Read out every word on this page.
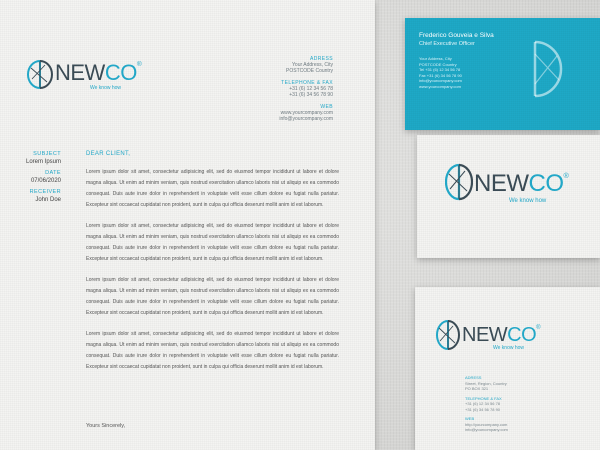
NEWCO®
We know how
ADRESS
Your Address, City
POSTCODE Country
TELEPHONE & FAX
+31 (6) 12 34 56 78
+31 (6) 34 56 78 90
WEB
www.yourcompany.com
info@yourcompany.com
SUBJECT
Lorem Ipsum
DATE
07/06/2020
RECEIVER
John Doe
DEAR CLIENT,

Lorem ipsum dolor sit amet, consectetur adipisicing elit, sed do eiusmod tempor incididunt ut labore et dolore magna aliqua. Ut enim ad minim veniam, quis nostrud exercitation ullamco laboris nisi ut aliquip ex ea commodo consequat. Duis aute irure dolor in reprehenderit in voluptate velit esse cillum dolore eu fugiat nulla pariatur. Excepteur sint occaecat cupidatat non proident, sunt in culpa qui officia deserunt mollit anim id est laborum.

Lorem ipsum dolor sit amet, consectetur adipisicing elit, sed do eiusmod tempor incididunt ut labore et dolore magna aliqua. Ut enim ad minim veniam, quis nostrud exercitation ullamco laboris nisi ut aliquip ex ea commodo consequat. Duis aute irure dolor in reprehenderit in voluptate velit esse cillum dolore eu fugiat nulla pariatur. Excepteur sint occaecat cupidatat non proident, sunt in culpa qui officia deserunt mollit anim id est laborum.

Lorem ipsum dolor sit amet, consectetur adipisicing elit, sed do eiusmod tempor incididunt ut labore et dolore magna aliqua. Ut enim ad minim veniam, quis nostrud exercitation ullamco laboris nisi ut aliquip ex ea commodo consequat. Duis aute irure dolor in reprehenderit in voluptate velit esse cillum dolore eu fugiat nulla pariatur. Excepteur sint occaecat cupidatat non proident, sunt in culpa qui officia deserunt mollit anim id est laborum.

Lorem ipsum dolor sit amet, consectetur adipisicing elit, sed do eiusmod tempor incididunt ut labore et dolore magna aliqua. Ut enim ad minim veniam, quis nostrud exercitation ullamco laboris nisi ut aliquip ex ea commodo consequat. Duis aute irure dolor in reprehenderit in voluptate velit esse cillum dolore eu fugiat nulla pariatur. Excepteur sint occaecat cupidatat non proident, sunt in culpa qui officia deserunt mollit anim id est laborum.

Yours Sincerely,
Frederico Gouveia e Silva
Chief Executive Officer
Your Address, City
POSTCODE Country
Tel +31 (6) 12 34 56 78
Fax +31 (6) 34 56 78 90
info@yourcompany.com
www.yourcompany.com
NEWCO®
We know how
NEWCO®
We know how
ADRESS
Street, Region, Country
PO BOX 321
TELEPHONE & FAX
+31 (6) 12 34 56 78
+31 (6) 34 56 78 90
WEB
http://yourcompany.com
info@yourcompany.com
